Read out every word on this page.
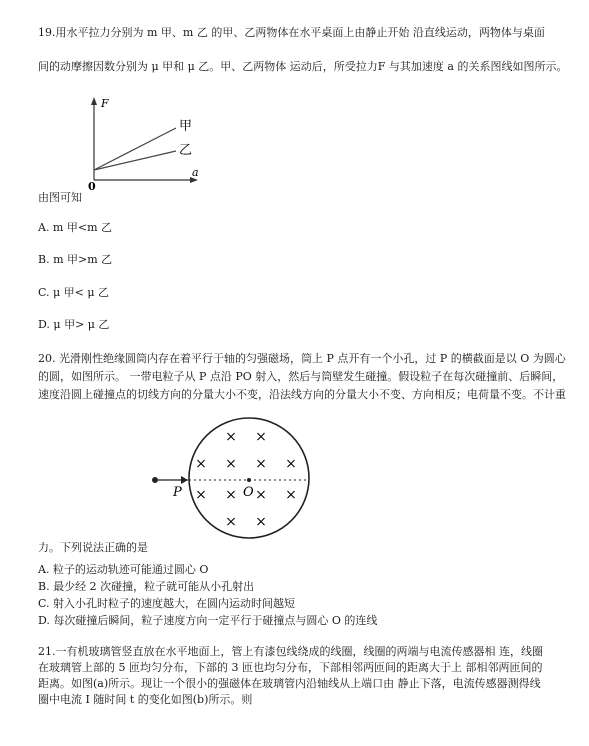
19.用水平拉力分别为 m 甲、m 乙 的甲、乙两物体在水平桌面上由静止开始 沿直线运动，两物体与桌面
间的动摩擦因数分别为 μ 甲和 μ 乙。甲、乙两物体 运动后，所受拉力F 与其加速度 a 的关系图线如图所示。
F
a
0
甲
乙
由图可知
A. m 甲<m 乙
B. m 甲>m 乙
C. μ 甲< μ 乙
D. μ 甲> μ 乙
20. 光滑刚性绝缘圆筒内存在着平行于轴的匀强磁场，筒上 P 点开有一个小孔，过 P 的横截面是以 O 为圆心
的圆，如图所示。 一带电粒子从 P 点沿 PO 射入，然后与筒壁发生碰撞。假设粒子在每次碰撞前、后瞬间，
速度沿圆上碰撞点的切线方向的分量大小不变，沿法线方向的分量大小不变、方向相反；电荷量不变。不计重
P	O
× ×
× × × ×
× × × ×
× ×
力。下列说法正确的是
A. 粒子的运动轨迹可能通过圆心 O
B. 最少经 2 次碰撞，粒子就可能从小孔射出
C. 射入小孔时粒子的速度越大，在圆内运动时间越短
D. 每次碰撞后瞬间，粒子速度方向一定平行于碰撞点与圆心 O 的连线
21.一有机玻璃管竖直放在水平地面上，管上有漆包线绕成的线圈，线圈的两端与电流传感器相 连，线圈在玻璃管上部的 5 匝均匀分布，下部的 3 匝也均匀分布，下部相邻两匝间的距离大于上 部相邻两匝间的距离。如图(a)所示。现让一个很小的强磁体在玻璃管内沿轴线从上端口由 静止下落，电流传感器测得线圈中电流 I 随时间 t 的变化如图(b)所示。则
